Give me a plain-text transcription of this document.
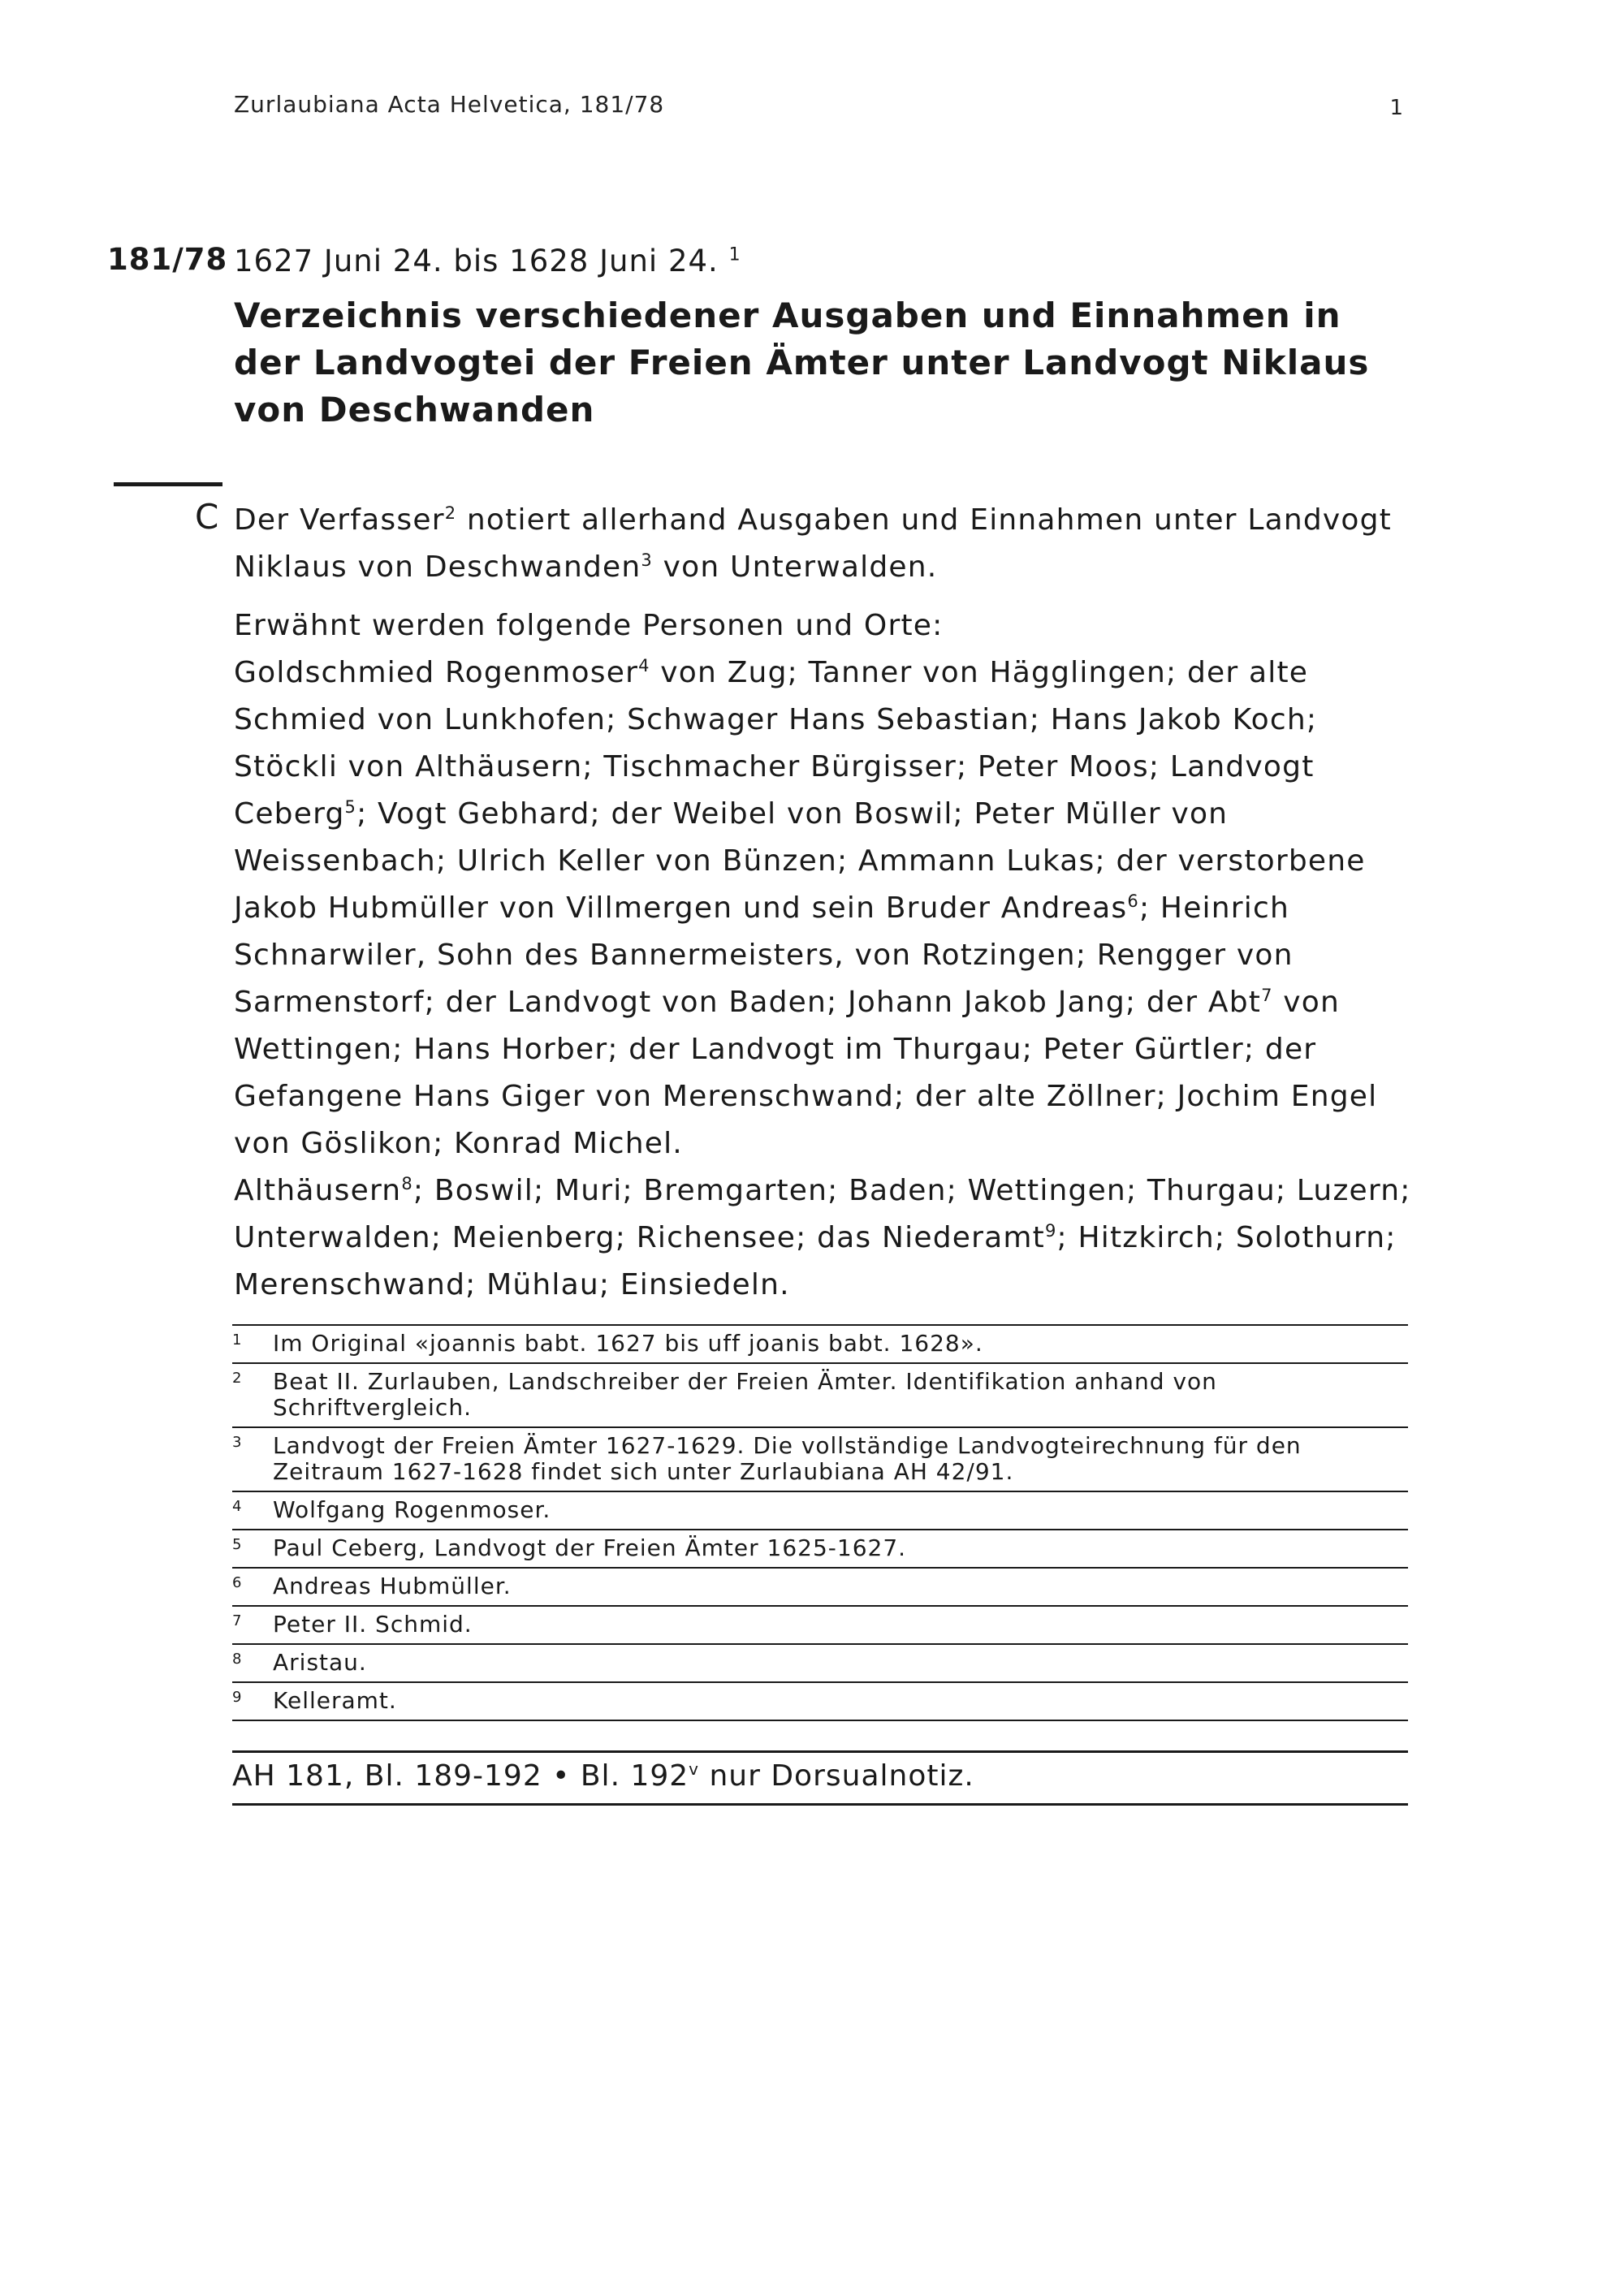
Zurlaubiana Acta Helvetica, 181/78	1
181/78 1627 Juni 24. bis 1628 Juni 24. $^1$
Verzeichnis verschiedener Ausgaben und Einnahmen in der Landvogtei der Freien Ämter unter Landvogt Niklaus von Deschwanden
C Der Verfasser$^2$ notiert allerhand Ausgaben und Einnahmen unter Landvogt Niklaus von Deschwanden$^3$ von Unterwalden.

Erwähnt werden folgende Personen und Orte:

Goldschmied Rogenmoser$^4$ von Zug; Tanner von Hägglingen; der alte Schmied von Lunkhofen; Schwager Hans Sebastian; Hans Jakob Koch; Stöckli von Althäusern; Tischmacher Bürgisser; Peter Moos; Landvogt Ceberg$^5$; Vogt Gebhard; der Weibel von Boswil; Peter Müller von Weissenbach; Ulrich Keller von Bünzen; Ammann Lukas; der verstorbene Jakob Hubmüller von Villmergen und sein Bruder Andreas$^6$; Heinrich Schnarwiler, Sohn des Bannermeisters, von Rotzingen; Rengger von Sarmenstorf; der Landvogt von Baden; Johann Jakob Jang; der Abt$^7$ von Wettingen; Hans Horber; der Landvogt im Thurgau; Peter Gürtler; der Gefangene Hans Giger von Merenschwand; der alte Zöllner; Jochim Engel von Göslikon; Konrad Michel.

Althäusern$^8$; Boswil; Muri; Bremgarten; Baden; Wettingen; Thurgau; Luzern; Unterwalden; Meienberg; Richensee; das Niederamt$^9$; Hitzkirch; Solothurn; Merenschwand; Mühlau; Einsiedeln.

1 Im Original «joannis babt. 1627 bis uff joanis babt. 1628».
2 Beat II. Zurlauben, Landschreiber der Freien Ämter. Identifikation anhand von Schriftvergleich.
3 Landvogt der Freien Ämter 1627-1629. Die vollständige Landvogteirechnung für den Zeitraum 1627-1628 findet sich unter Zurlaubiana AH 42/91.
4 Wolfgang Rogenmoser.
5 Paul Ceberg, Landvogt der Freien Ämter 1625-1627.
6 Andreas Hubmüller.
7 Peter II. Schmid.
8 Aristau.
9 Kelleramt.
AH 181, Bl. 189-192 • Bl. 192$^v$ nur Dorsualnotiz.
